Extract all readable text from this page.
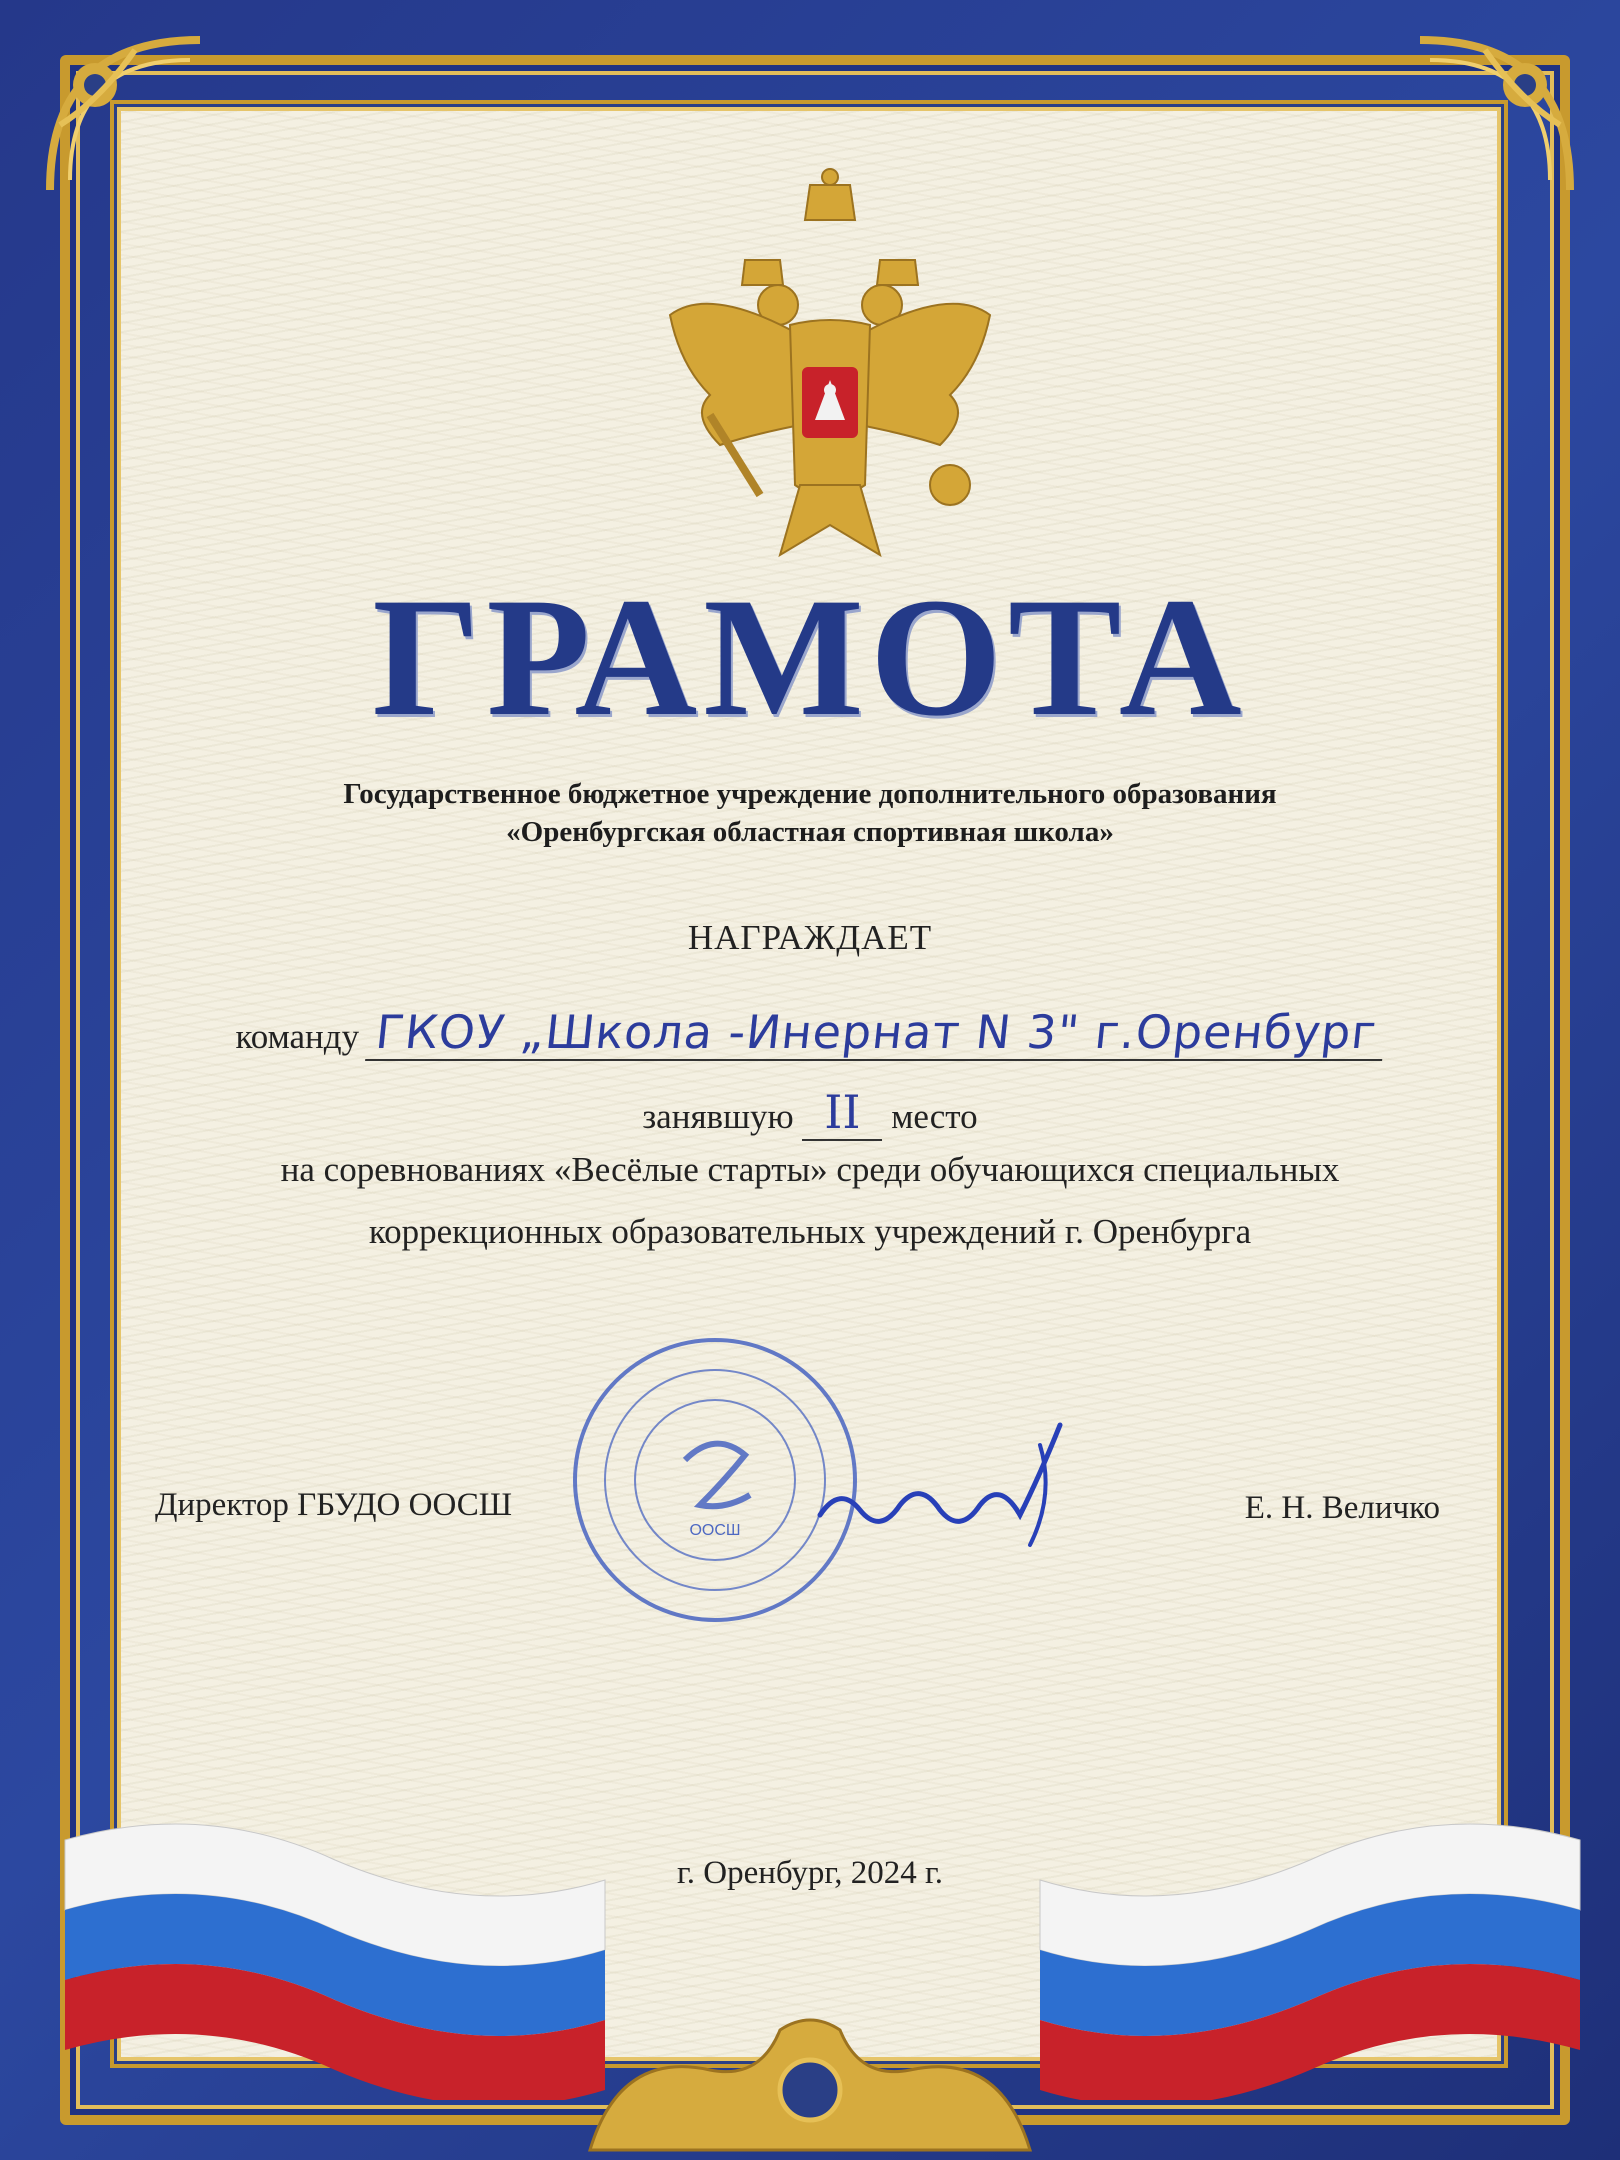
ГРАМОТА
Государственное бюджетное учреждение дополнительного образования
«Оренбургская областная спортивная школа»
НАГРАЖДАЕТ
команду ГКОУ „Школа -Инернат N 3" г.Оренбург
занявшую II место
на соревнованиях «Весёлые старты» среди обучающихся специальных
коррекционных образовательных учреждений г. Оренбурга
ООСШ
Директор ГБУДО ООСШ	Е. Н. Величко
г. Оренбург, 2024 г.
